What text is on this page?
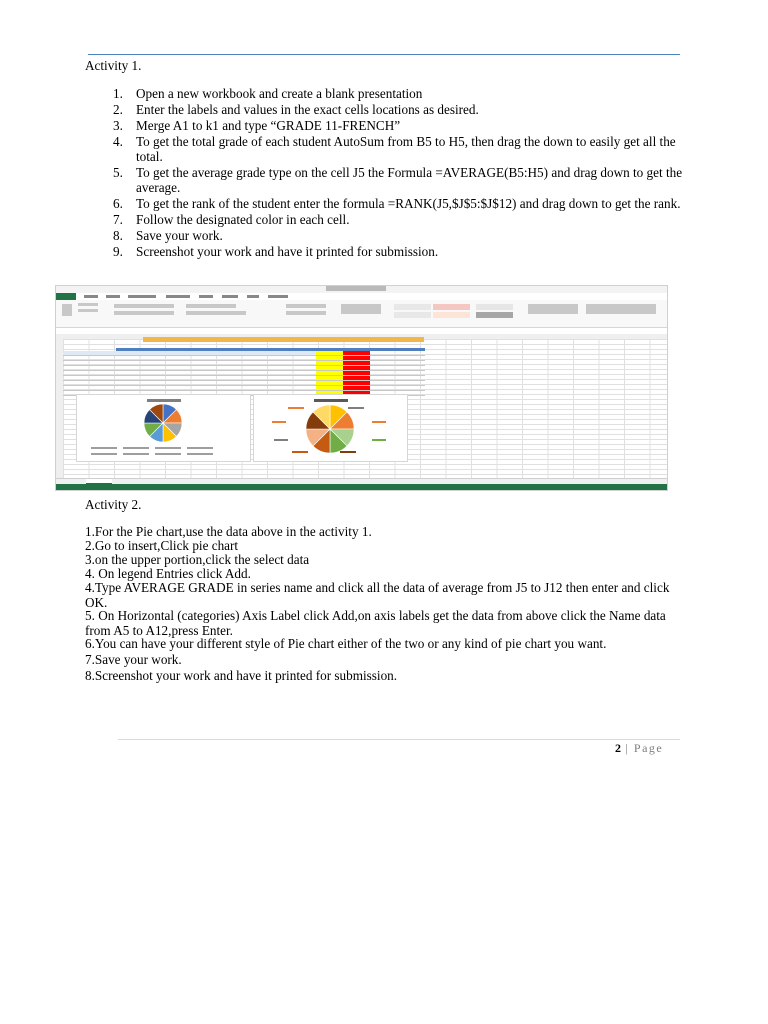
Activity 1.
1. Open a new workbook and create a blank presentation
2. Enter the labels and values in the exact cells locations as desired.
3. Merge A1 to k1 and type “GRADE 11-FRENCH”
4. To get the total grade of each student AutoSum from B5 to H5, then drag the down to easily get all the total.
5. To get the average grade type on the cell J5 the Formula =AVERAGE(B5:H5) and drag down to get the average.
6. To get the rank of the student enter the formula =RANK(J5,$J$5:$J$12) and drag down to get the rank.
7. Follow the designated color in each cell.
8. Save your work.
9. Screenshot your work and have it printed for submission.
Activity 2.
1.For the Pie chart,use the data above in the activity 1.
2.Go to insert,Click pie chart
3.on the upper portion,click the select data
4. On legend Entries click Add.
4.Type AVERAGE GRADE in series name and click all the data of average from J5 to J12 then enter and click OK.
5. On Horizontal (categories) Axis Label click Add,on axis labels get the data from above click the Name data from A5 to A12,press Enter.
6.You can have your different style of Pie chart either of the two or any kind of pie chart you want.
7.Save your work.
8.Screenshot your work and have it printed for submission.
2 | Page
